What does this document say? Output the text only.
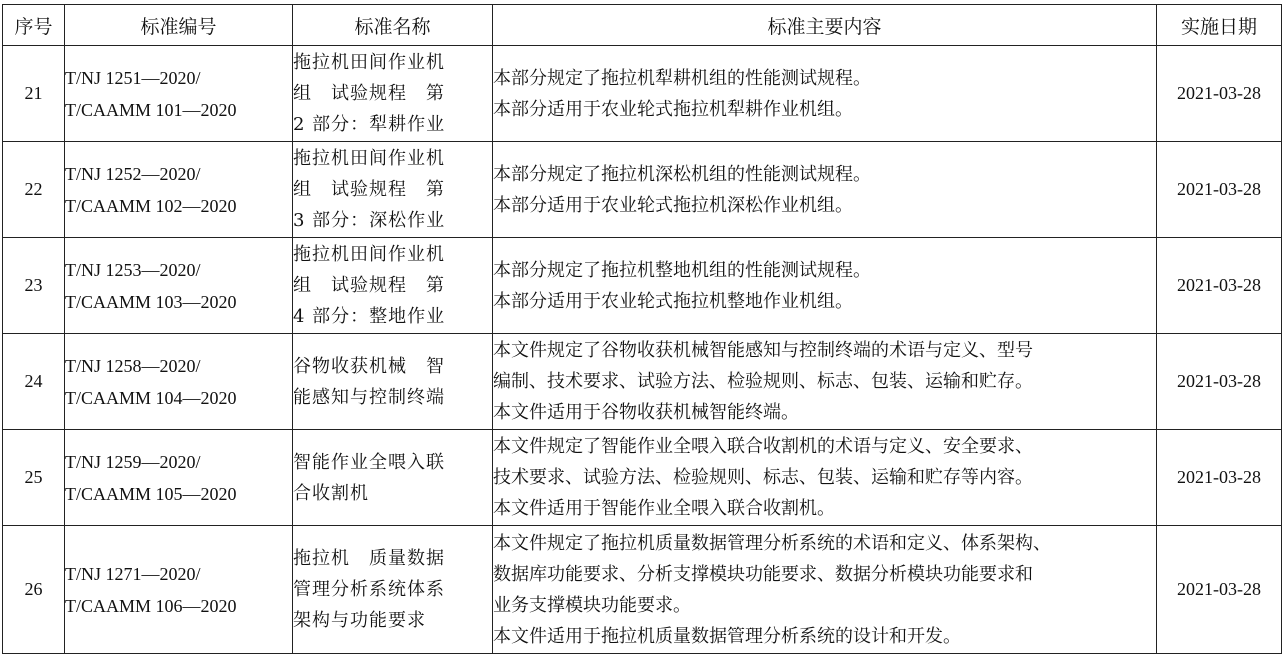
序号	标准编号	标准名称	标准主要内容	实施日期
21	T/NJ 1251—2020/
T/CAAMM 101—2020	拖拉机田间作业机
组　试验规程　第
2 部分：犁耕作业	本部分规定了拖拉机犁耕机组的性能测试规程。
本部分适用于农业轮式拖拉机犁耕作业机组。	2021-03-28
22	T/NJ 1252—2020/
T/CAAMM 102—2020	拖拉机田间作业机
组　试验规程　第
3 部分：深松作业	本部分规定了拖拉机深松机组的性能测试规程。
本部分适用于农业轮式拖拉机深松作业机组。	2021-03-28
23	T/NJ 1253—2020/
T/CAAMM 103—2020	拖拉机田间作业机
组　试验规程　第
4 部分：整地作业	本部分规定了拖拉机整地机组的性能测试规程。
本部分适用于农业轮式拖拉机整地作业机组。	2021-03-28
24	T/NJ 1258—2020/
T/CAAMM 104—2020	谷物收获机械　智
能感知与控制终端	本文件规定了谷物收获机械智能感知与控制终端的术语与定义、型号
编制、技术要求、试验方法、检验规则、标志、包装、运输和贮存。
本文件适用于谷物收获机械智能终端。	2021-03-28
25	T/NJ 1259—2020/
T/CAAMM 105—2020	智能作业全喂入联
合收割机	本文件规定了智能作业全喂入联合收割机的术语与定义、安全要求、
技术要求、试验方法、检验规则、标志、包装、运输和贮存等内容。
本文件适用于智能作业全喂入联合收割机。	2021-03-28
26	T/NJ 1271—2020/
T/CAAMM 106—2020	拖拉机　质量数据
管理分析系统体系
架构与功能要求	本文件规定了拖拉机质量数据管理分析系统的术语和定义、体系架构、
数据库功能要求、分析支撑模块功能要求、数据分析模块功能要求和
业务支撑模块功能要求。
本文件适用于拖拉机质量数据管理分析系统的设计和开发。	2021-03-28
